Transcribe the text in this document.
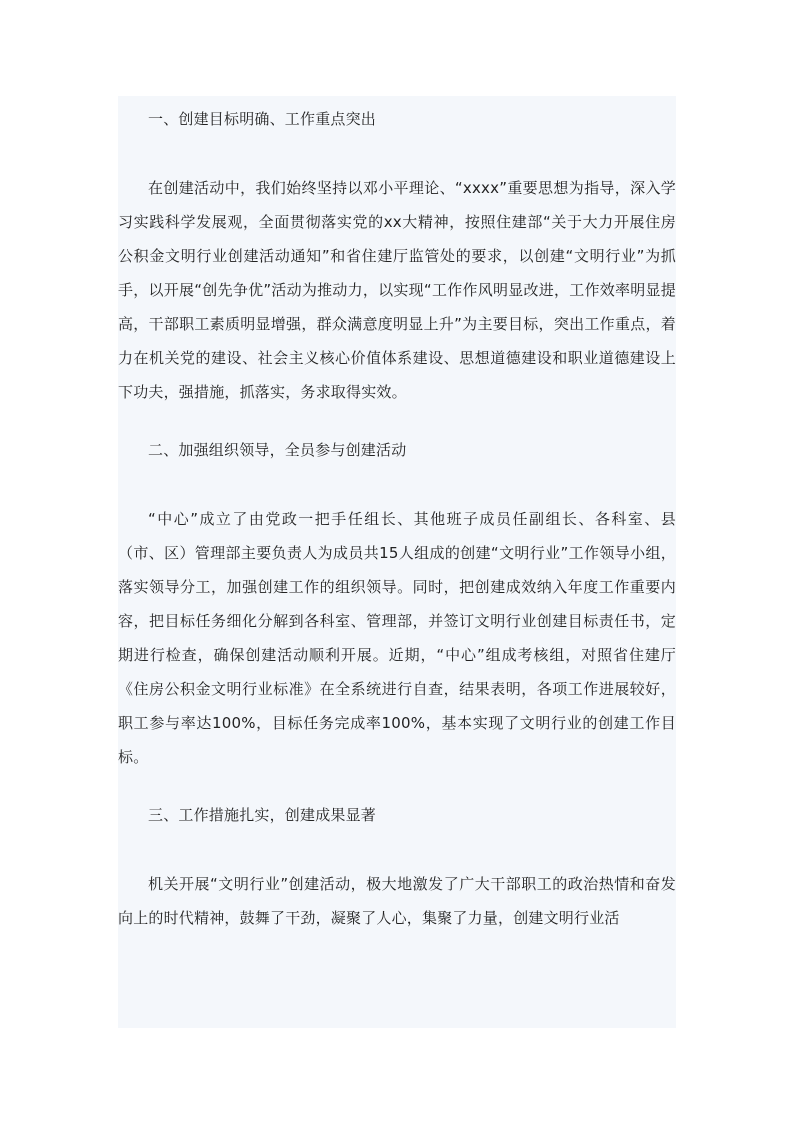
一、创建目标明确、工作重点突出

在创建活动中，我们始终坚持以邓小平理论、“xxxx”重要思想为指导，深入学习实践科学发展观，全面贯彻落实党的xx大精神，按照住建部“关于大力开展住房公积金文明行业创建活动通知”和省住建厅监管处的要求，以创建“文明行业”为抓手，以开展“创先争优”活动为推动力，以实现“工作作风明显改进，工作效率明显提高，干部职工素质明显增强，群众满意度明显上升”为主要目标，突出工作重点，着力在机关党的建设、社会主义核心价值体系建设、思想道德建设和职业道德建设上下功夫，强措施，抓落实，务求取得实效。

二、加强组织领导，全员参与创建活动

“中心”成立了由党政一把手任组长、其他班子成员任副组长、各科室、县（市、区）管理部主要负责人为成员共15人组成的创建“文明行业”工作领导小组，落实领导分工，加强创建工作的组织领导。同时，把创建成效纳入年度工作重要内容，把目标任务细化分解到各科室、管理部，并签订文明行业创建目标责任书，定期进行检查，确保创建活动顺利开展。近期，“中心”组成考核组，对照省住建厅《住房公积金文明行业标准》在全系统进行自查，结果表明，各项工作进展较好，职工参与率达100%，目标任务完成率100%，基本实现了文明行业的创建工作目标。

三、工作措施扎实，创建成果显著

机关开展“文明行业”创建活动，极大地激发了广大干部职工的政治热情和奋发向上的时代精神，鼓舞了干劲，凝聚了人心，集聚了力量，创建文明行业活
